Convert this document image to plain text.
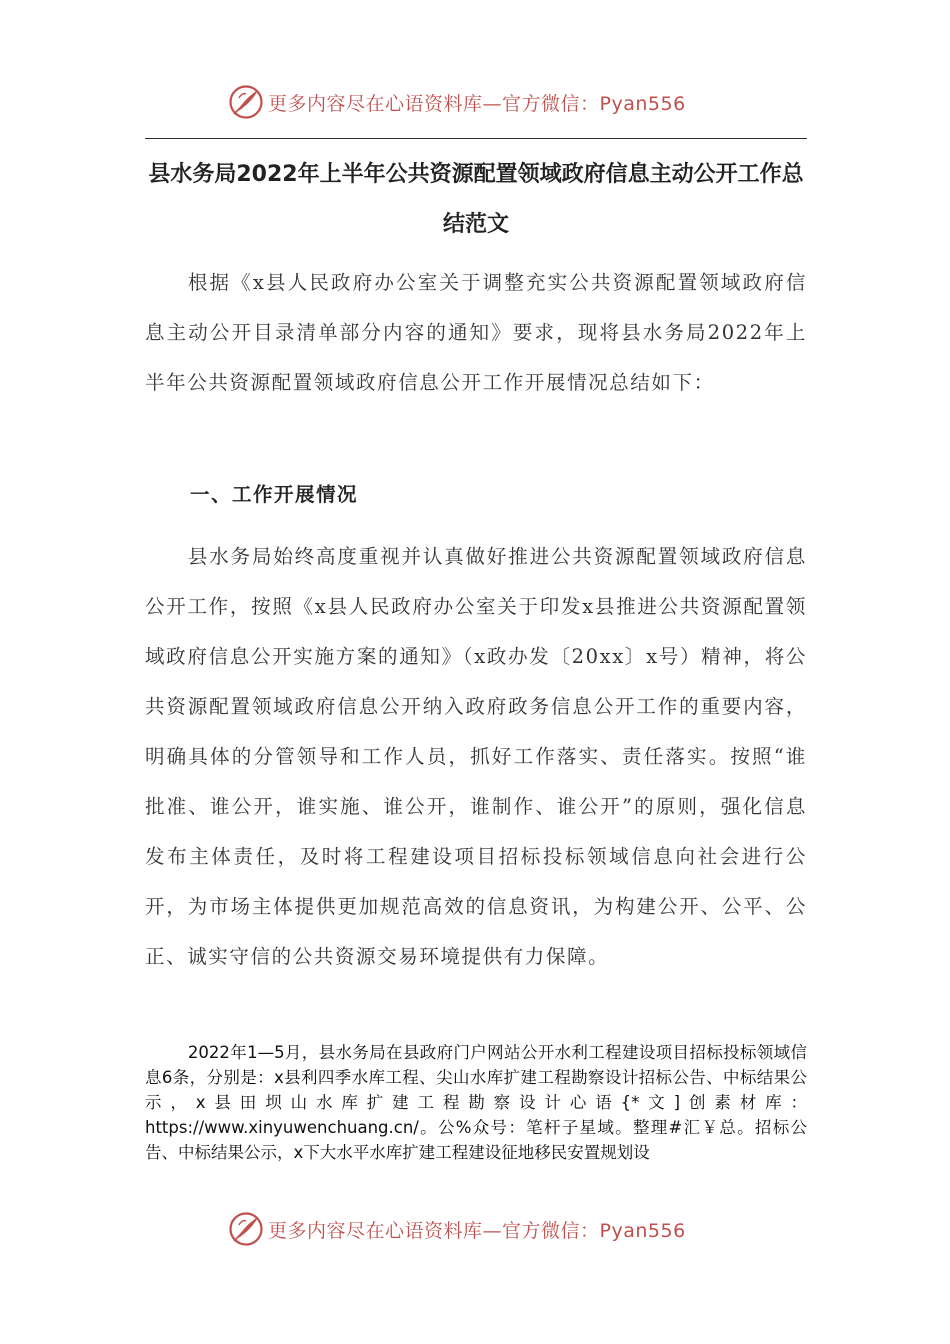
更多内容尽在心语资料库—官方微信：Pyan556
县水务局2022年上半年公共资源配置领域政府信息主动公开工作总结范文

根据《x县人民政府办公室关于调整充实公共资源配置领域政府信息主动公开目录清单部分内容的通知》要求，现将县水务局2022年上半年公共资源配置领域政府信息公开工作开展情况总结如下：

一、工作开展情况

县水务局始终高度重视并认真做好推进公共资源配置领域政府信息公开工作，按照《x县人民政府办公室关于印发x县推进公共资源配置领域政府信息公开实施方案的通知》（x政办发〔20xx〕x号）精神，将公共资源配置领域政府信息公开纳入政府政务信息公开工作的重要内容，明确具体的分管领导和工作人员，抓好工作落实、责任落实。按照“谁批准、谁公开，谁实施、谁公开，谁制作、谁公开”的原则，强化信息发布主体责任，及时将工程建设项目招标投标领域信息向社会进行公开，为市场主体提供更加规范高效的信息资讯，为构建公开、公平、公正、诚实守信的公共资源交易环境提供有力保障。

2022年1—5月，县水务局在县政府门户网站公开水利工程建设项目招标投标领域信息6条，分别是：x县利四季水库工程、尖山水库扩建工程勘察设计招标公告、中标结果公示，x县田坝山水库扩建工程勘察设计心语{*文]创素材库：https://www.xinyuwenchuang.cn/。公%众号：笔杆子星域。整理#汇￥总。招标公告、中标结果公示，x下大水平水库扩建工程建设征地移民安置规划设

更多内容尽在心语资料库—官方微信：Pyan556
